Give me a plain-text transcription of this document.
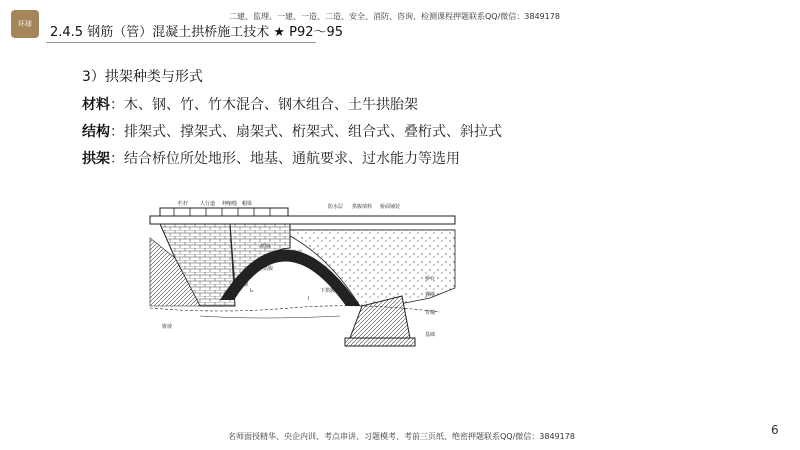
环球
二建、监理、一建、一造、二造、安全、消防、咨询、检测课程押题联系QQ/微信：3849178
2.4.5 钢筋（管）混凝土拱桥施工技术 ★ P92～95
3）拱架种类与形式
材料：木、钢、竹、竹木混合、钢木组合、土牛拱胎架
结构：排架式、撑架式、扇架式、桁架式、组合式、叠桁式、斜拉式
拱架：结合桥位所处地形、地基、通航要求、过水能力等选用
栏杆 人行道 伸缩缝 帽梁	防水层 拱腹填料 桥面铺装
拱圈
拱顶
拱脚
上拱腹	拱轴线
下拱腹
l₀
l
桥台
翼墙
背墙
基础
锥坡
名师面授精华、央企内训、考点串讲、习题模考、考前三页纸、绝密押题联系QQ/微信：3849178	6
